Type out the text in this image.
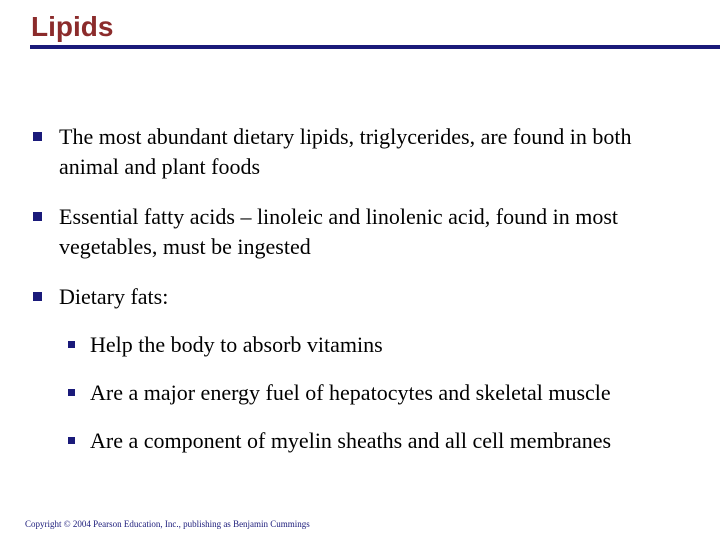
Lipids
The most abundant dietary lipids, triglycerides, are found in both animal and plant foods
Essential fatty acids – linoleic and linolenic acid, found in most vegetables, must be ingested
Dietary fats:
Help the body to absorb vitamins
Are a major energy fuel of hepatocytes and skeletal muscle
Are a component of myelin sheaths and all cell membranes
Copyright © 2004 Pearson Education, Inc., publishing as Benjamin Cummings
